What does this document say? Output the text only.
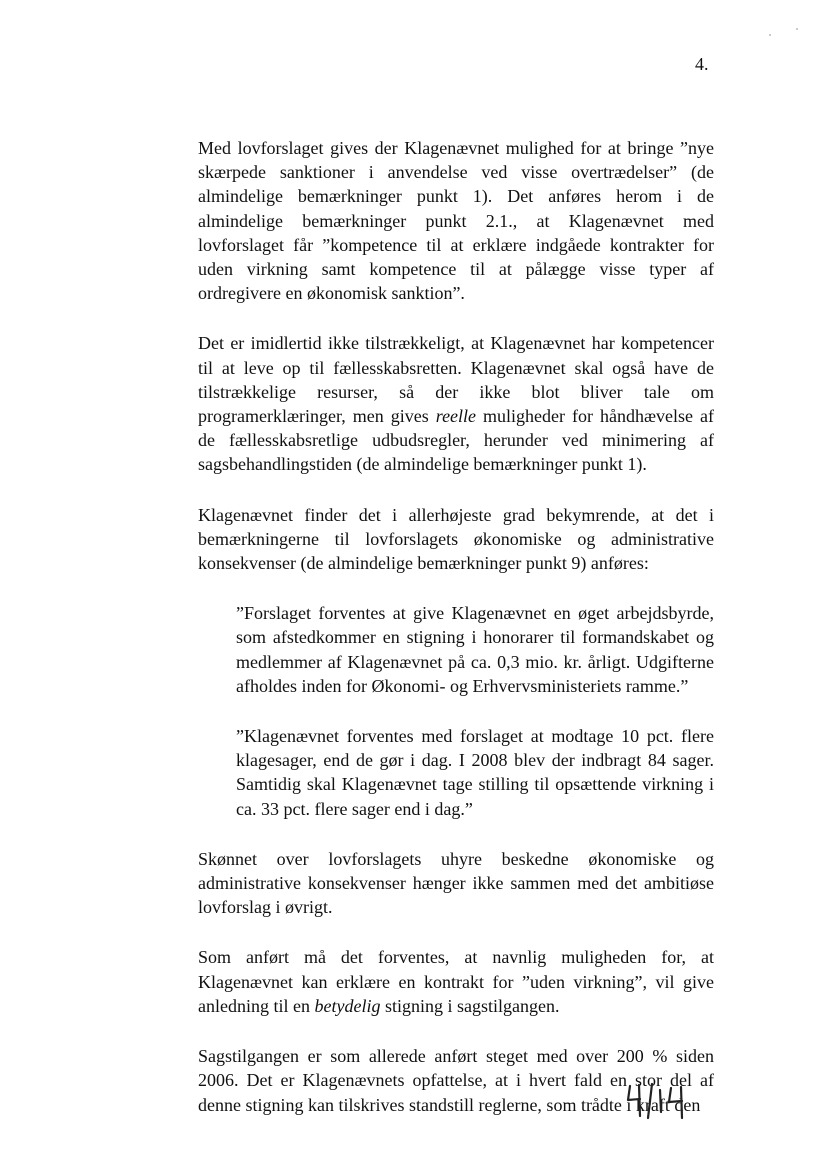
4.

Med lovforslaget gives der Klagenævnet mulighed for at bringe ”nye skærpede sanktioner i anvendelse ved visse overtrædelser” (de almindelige bemærkninger punkt 1). Det anføres herom i de almindelige bemærkninger punkt 2.1., at Klagenævnet med lovforslaget får ”kompetence til at erklære indgåede kontrakter for uden virkning samt kompetence til at pålægge visse typer af ordregivere en økonomisk sanktion”.

Det er imidlertid ikke tilstrækkeligt, at Klagenævnet har kompetencer til at leve op til fællesskabsretten. Klagenævnet skal også have de tilstrækkelige resurser, så der ikke blot bliver tale om programerklæringer, men gives reelle muligheder for håndhævelse af de fællesskabsretlige udbudsregler, herunder ved minimering af sagsbehandlingstiden (de almindelige bemærkninger punkt 1).

Klagenævnet finder det i allerhøjeste grad bekymrende, at det i bemærkningerne til lovforslagets økonomiske og administrative konsekvenser (de almindelige bemærkninger punkt 9) anføres:

”Forslaget forventes at give Klagenævnet en øget arbejdsbyrde, som afstedkommer en stigning i honorarer til formandskabet og medlemmer af Klagenævnet på ca. 0,3 mio. kr. årligt. Udgifterne afholdes inden for Økonomi- og Erhvervsministeriets ramme.”

”Klagenævnet forventes med forslaget at modtage 10 pct. flere klagesager, end de gør i dag. I 2008 blev der indbragt 84 sager. Samtidig skal Klagenævnet tage stilling til opsættende virkning i ca. 33 pct. flere sager end i dag.”

Skønnet over lovforslagets uhyre beskedne økonomiske og administrative konsekvenser hænger ikke sammen med det ambitiøse lovforslag i øvrigt.

Som anført må det forventes, at navnlig muligheden for, at Klagenævnet kan erklære en kontrakt for ”uden virkning”, vil give anledning til en betydelig stigning i sagstilgangen.

Sagstilgangen er som allerede anført steget med over 200 % siden 2006. Det er Klagenævnets opfattelse, at i hvert fald en stor del af denne stigning kan tilskrives standstill reglerne, som trådte i kraft den
